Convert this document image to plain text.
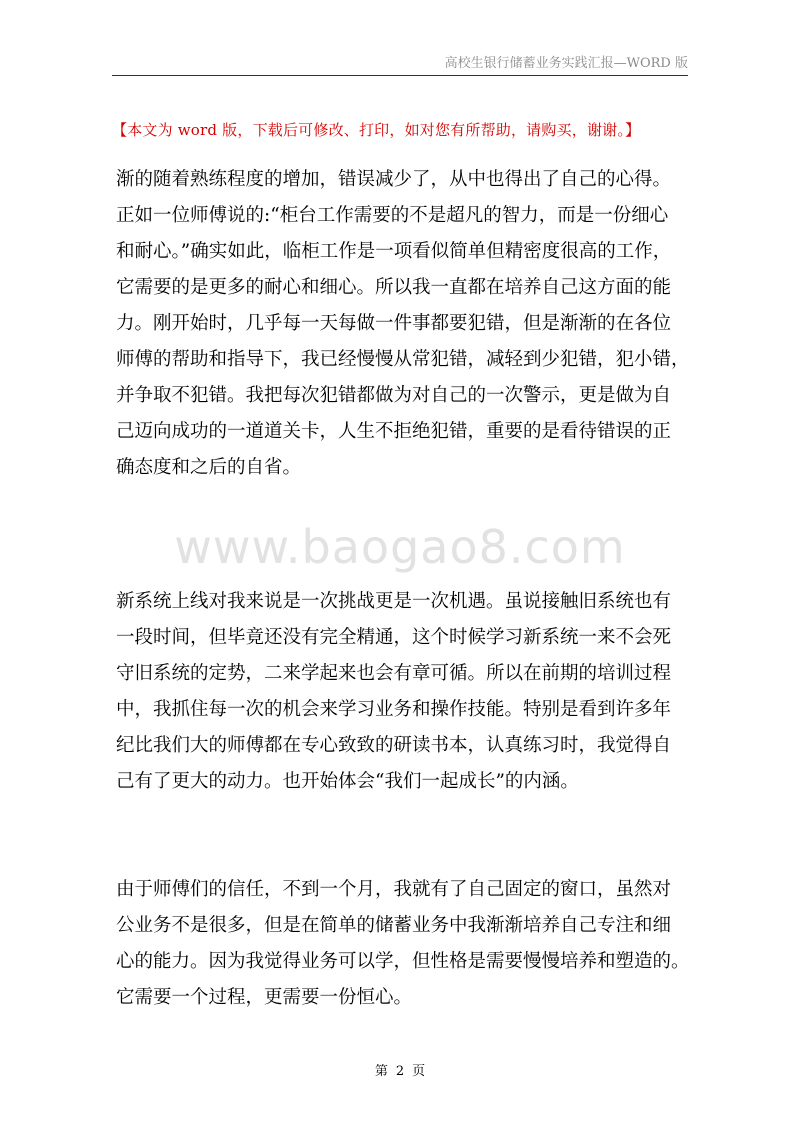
高校生银行储蓄业务实践汇报—WORD 版
【本文为 word 版，下载后可修改、打印，如对您有所帮助，请购买，谢谢。】
www.baogao8.com
渐的随着熟练程度的增加，错误减少了，从中也得出了自己的心得。
正如一位师傅说的:“柜台工作需要的不是超凡的智力，而是一份细心
和耐心。”确实如此，临柜工作是一项看似简单但精密度很高的工作，
它需要的是更多的耐心和细心。所以我一直都在培养自己这方面的能
力。刚开始时，几乎每一天每做一件事都要犯错，但是渐渐的在各位
师傅的帮助和指导下，我已经慢慢从常犯错，减轻到少犯错，犯小错，
并争取不犯错。我把每次犯错都做为对自己的一次警示，更是做为自
己迈向成功的一道道关卡，人生不拒绝犯错，重要的是看待错误的正
确态度和之后的自省。
新系统上线对我来说是一次挑战更是一次机遇。虽说接触旧系统也有
一段时间，但毕竟还没有完全精通，这个时候学习新系统一来不会死
守旧系统的定势，二来学起来也会有章可循。所以在前期的培训过程
中，我抓住每一次的机会来学习业务和操作技能。特别是看到许多年
纪比我们大的师傅都在专心致致的研读书本，认真练习时，我觉得自
己有了更大的动力。也开始体会“我们一起成长”的内涵。
由于师傅们的信任，不到一个月，我就有了自己固定的窗口，虽然对
公业务不是很多，但是在简单的储蓄业务中我渐渐培养自己专注和细
心的能力。因为我觉得业务可以学，但性格是需要慢慢培养和塑造的。
它需要一个过程，更需要一份恒心。
第 2 页
